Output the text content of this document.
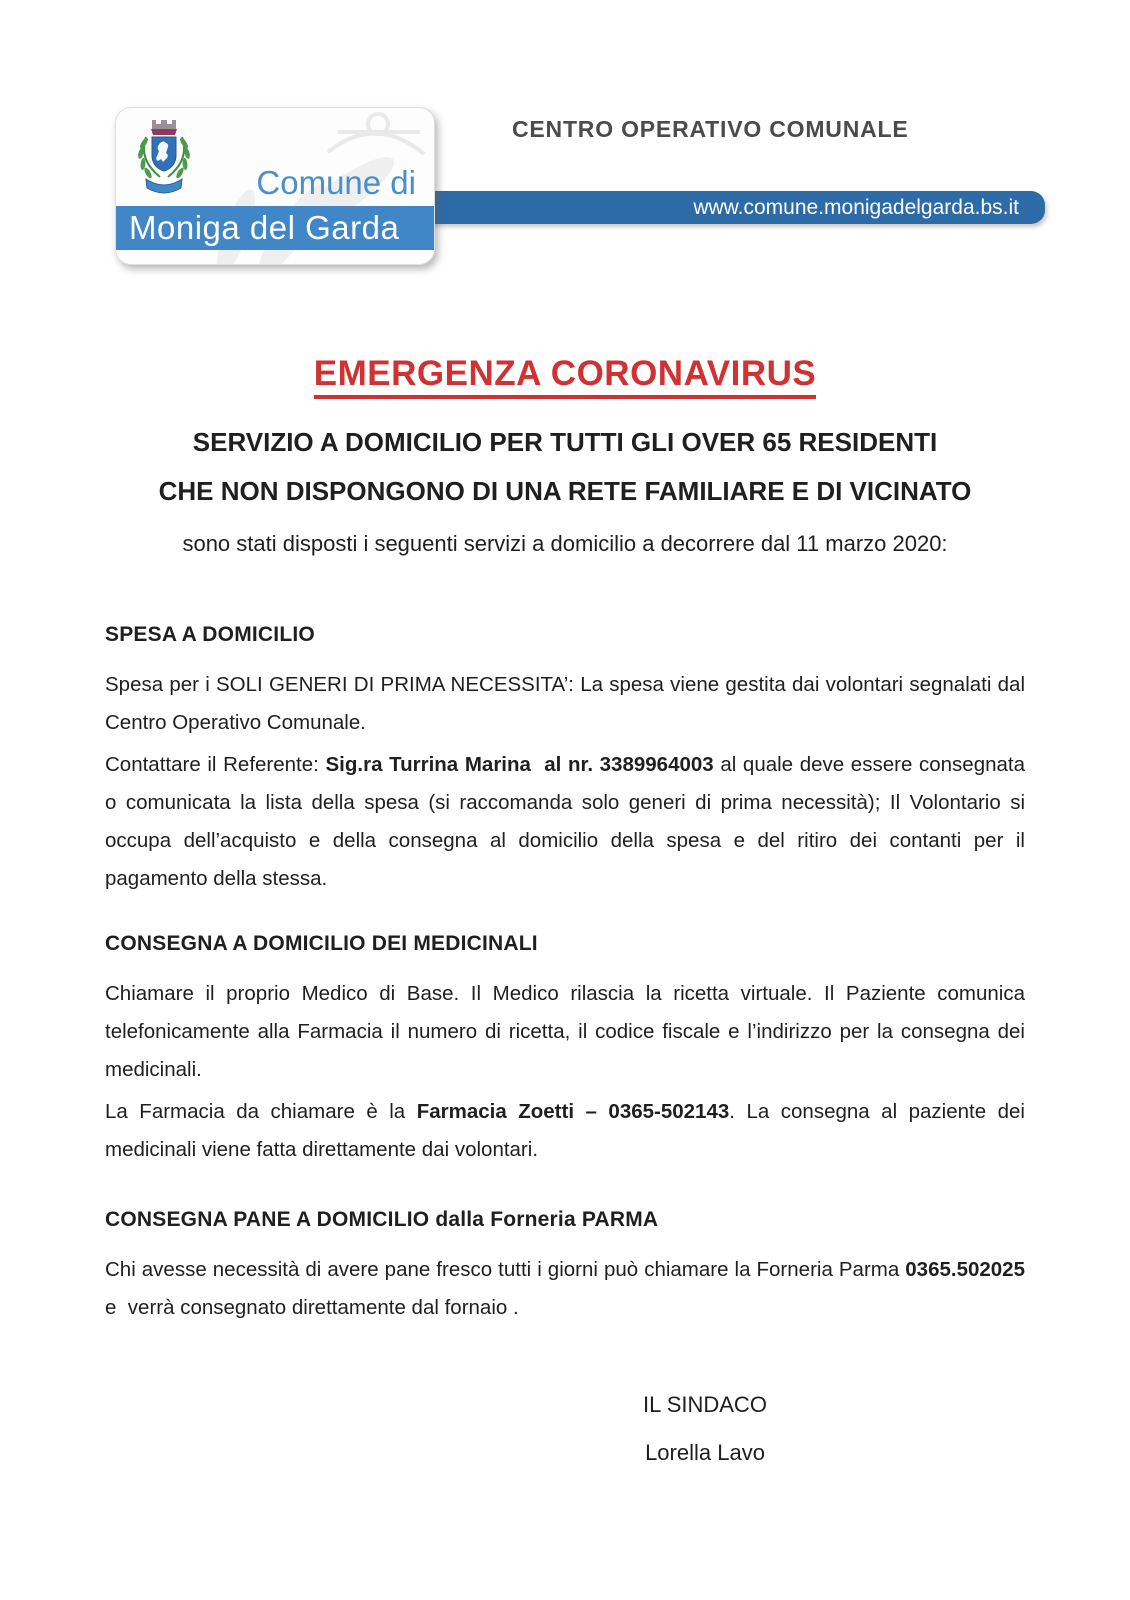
www.comune.monigadelgarda.bs.it
Comune di
Moniga del Garda
CENTRO OPERATIVO COMUNALE
EMERGENZA CORONAVIRUS
SERVIZIO A DOMICILIO PER TUTTI GLI OVER 65 RESIDENTI
CHE NON DISPONGONO DI UNA RETE FAMILIARE E DI VICINATO
sono stati disposti i seguenti servizi a domicilio a decorrere dal 11 marzo 2020:
SPESA A DOMICILIO

Spesa per i SOLI GENERI DI PRIMA NECESSITA’: La spesa viene gestita dai volontari segnalati dal Centro Operativo Comunale.

Contattare il Referente: Sig.ra Turrina Marina  al nr. 3389964003 al quale deve essere consegnata o comunicata la lista della spesa (si raccomanda solo generi di prima necessità); Il Volontario si occupa dell’acquisto e della consegna al domicilio della spesa e del ritiro dei contanti per il pagamento della stessa.

CONSEGNA A DOMICILIO DEI MEDICINALI

Chiamare il proprio Medico di Base. Il Medico rilascia la ricetta virtuale. Il Paziente comunica telefonicamente alla Farmacia il numero di ricetta, il codice fiscale e l’indirizzo per la consegna dei medicinali.

La Farmacia da chiamare è la Farmacia Zoetti – 0365-502143. La consegna al paziente dei medicinali viene fatta direttamente dai volontari.

CONSEGNA PANE A DOMICILIO dalla Forneria PARMA

Chi avesse necessità di avere pane fresco tutti i giorni può chiamare la Forneria Parma 0365.502025 e  verrà consegnato direttamente dal fornaio .

IL SINDACO
Lorella Lavo
